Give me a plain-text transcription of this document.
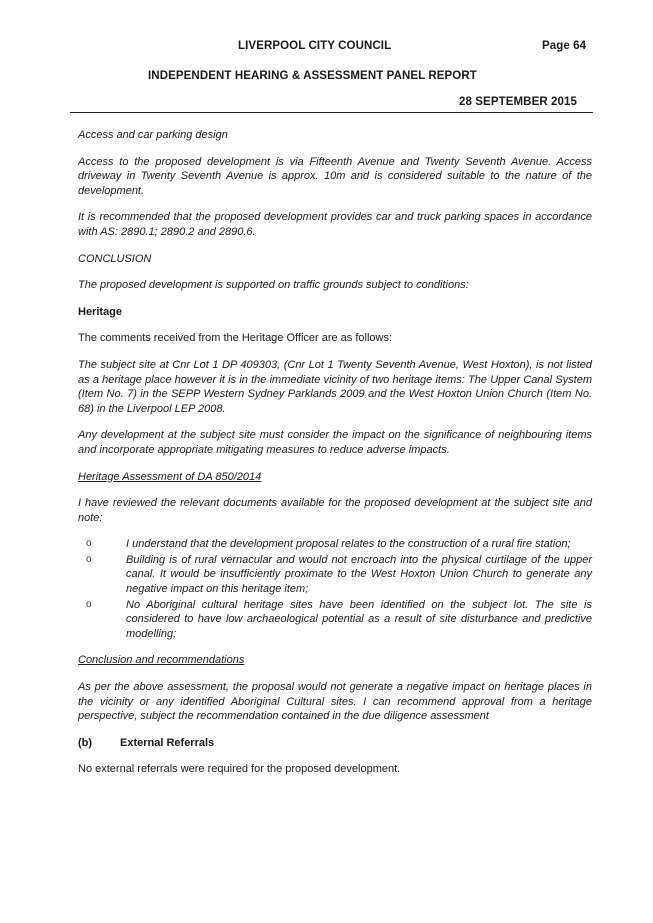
LIVERPOOL CITY COUNCIL	Page 64
INDEPENDENT HEARING & ASSESSMENT PANEL REPORT
28 SEPTEMBER 2015

Access and car parking design

Access to the proposed development is via Fifteenth Avenue and Twenty Seventh Avenue. Access driveway in Twenty Seventh Avenue is approx. 10m and is considered suitable to the nature of the development.

It is recommended that the proposed development provides car and truck parking spaces in accordance with AS: 2890.1; 2890.2 and 2890.6.

CONCLUSION

The proposed development is supported on traffic grounds subject to conditions:

Heritage

The comments received from the Heritage Officer are as follows:

The subject site at Cnr Lot 1 DP 409303, (Cnr Lot 1 Twenty Seventh Avenue, West Hoxton), is not listed as a heritage place however it is in the immediate vicinity of two heritage items: The Upper Canal System (Item No. 7) in the SEPP Western Sydney Parklands 2009 and the West Hoxton Union Church (Item No. 68) in the Liverpool LEP 2008.

Any development at the subject site must consider the impact on the significance of neighbouring items and incorporate appropriate mitigating measures to reduce adverse impacts.

Heritage Assessment of DA 850/2014

I have reviewed the relevant documents available for the proposed development at the subject site and note:

o	I understand that the development proposal relates to the construction of a rural fire station;
o	Building is of rural vernacular and would not encroach into the physical curtilage of the upper canal. It would be insufficiently proximate to the West Hoxton Union Church to generate any negative impact on this heritage item;
o	No Aboriginal cultural heritage sites have been identified on the subject lot. The site is considered to have low archaeological potential as a result of site disturbance and predictive modelling;

Conclusion and recommendations

As per the above assessment, the proposal would not generate a negative impact on heritage places in the vicinity or any identified Aboriginal Cultural sites. I can recommend approval from a heritage perspective, subject the recommendation contained in the due diligence assessment

(b)	External Referrals

No external referrals were required for the proposed development.
